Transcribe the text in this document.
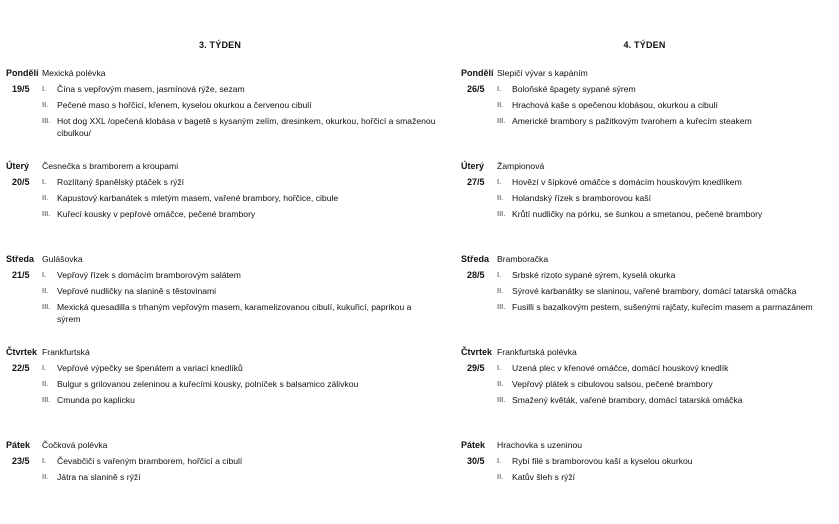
3. TÝDEN
Pondělí
19/5
Mexická polévka
I. Čína s vepřovým masem, jasmínová rýže, sezam
II. Pečené maso s hořčicí, křenem, kyselou okurkou a červenou cibulí
III. Hot dog XXL /opečená klobása v bagetě s kysaným zelím, dresinkem, okurkou, hořčicí a smaženou cibulkou/
Úterý
20/5
Česnečka s bramborem a kroupami
I. Rozlítaný španělský ptáček s rýží
II. Kapustový karbanátek s mletým masem, vařené brambory, hořčice, cibule
III. Kuřecí kousky v pepřové omáčce, pečené brambory
Středa
21/5
Gulášovka
I. Vepřový řízek s domácím bramborovým salátem
II. Vepřové nudličky na slanině s těstovinami
III. Mexická quesadilla s trhaným vepřovým masem, karamelizovanou cibulí, kukuřicí, paprikou a sýrem
Čtvrtek
22/5
Frankfurtská
I. Vepřové výpečky se špenátem a variací knedlíků
II. Bulgur s grilovanou zeleninou a kuřecími kousky, polníček s balsamico zálivkou
III. Cmunda po kaplicku
Pátek
23/5
Čočková polévka
I. Čevabčiči s vařeným bramborem, hořčicí a cibulí
II. Játra na slanině s rýží
4. TÝDEN
Pondělí
26/5
Slepičí vývar s kapáním
I. Boloňské špagety sypané sýrem
II. Hrachová kaše s opečenou klobásou, okurkou a cibulí
III. Americké brambory s pažitkovým tvarohem a kuřecím steakem
Úterý
27/5
Žampionová
I. Hovězí v šípkové omáčce s domácím houskovým knedlíkem
II. Holandský řízek s bramborovou kaší
III. Krůtí nudličky na pórku, se šunkou a smetanou, pečené brambory
Středa
28/5
Bramboračka
I. Srbské rizoto sypané sýrem, kyselá okurka
II. Sýrové karbanátky se slaninou, vařené brambory, domácí tatarská omáčka
III. Fusilli s bazalkovým pestem, sušenými rajčaty, kuřecím masem a parmazánem
Čtvrtek
29/5
Frankfurtská polévka
I. Uzená plec v křenové omáčce, domácí houskový knedlík
II. Vepřový plátek s cibulovou salsou, pečené brambory
III. Smažený květák, vařené brambory, domácí tatarská omáčka
Pátek
30/5
Hrachovka s uzeninou
I. Rybí filé s bramborovou kaší a kyselou okurkou
II. Katův šleh s rýží
